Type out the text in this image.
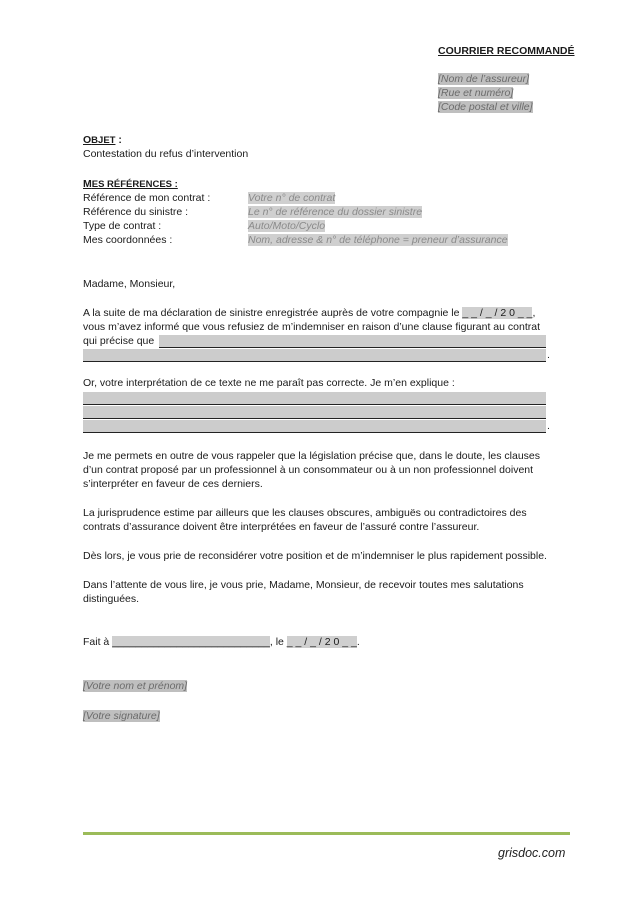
COURRIER RECOMMANDÉ
[Nom de l’assureur]
[Rue et numéro]
[Code postal et ville]
OBJET :
Contestation du refus d’intervention
MES RÉFÉRENCES :
Référence de mon contrat :	Votre n° de contrat
Référence du sinistre :	Le n° de référence du dossier sinistre
Type de contrat :	Auto/Moto/Cyclo
Mes coordonnées :	Nom, adresse & n° de téléphone = preneur d’assurance
Madame, Monsieur,
A la suite de ma déclaration de sinistre enregistrée auprès de votre compagnie le _ _ / _ / 2 0 _ _,
vous m’avez informé que vous refusiez de m’indemniser en raison d’une clause figurant au contrat
qui précise que
.
Or, votre interprétation de ce texte ne me paraît pas correcte. Je m’en explique :
.
Je me permets en outre de vous rappeler que la législation précise que, dans le doute, les clauses
d’un contrat proposé par un professionnel à un consommateur ou à un non professionnel doivent
s’interpréter en faveur de ces derniers.
La jurisprudence estime par ailleurs que les clauses obscures, ambiguës ou contradictoires des
contrats d’assurance doivent être interprétées en faveur de l’assuré contre l’assureur.
Dès lors, je vous prie de reconsidérer votre position et de m’indemniser le plus rapidement possible.
Dans l’attente de vous lire, je vous prie, Madame, Monsieur, de recevoir toutes mes salutations
distinguées.
Fait à ___________________________, le _ _ / _ / 2 0 _ _.
[Votre nom et prénom]
[Votre signature]
grisdoc.com
